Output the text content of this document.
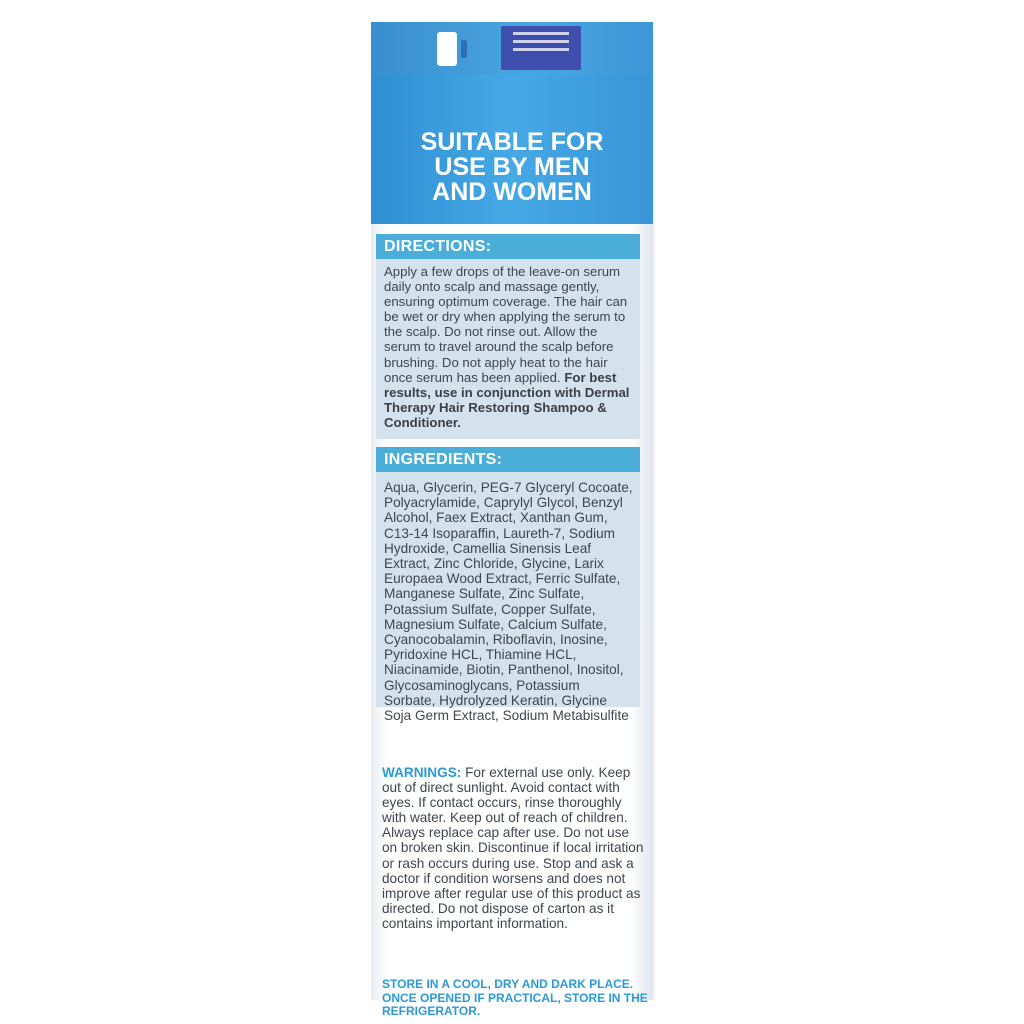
SUITABLE FOR
USE BY MEN
AND WOMEN
DIRECTIONS:
Apply a few drops of the leave-on serum daily onto scalp and massage gently, ensuring optimum coverage. The hair can be wet or dry when applying the serum to the scalp. Do not rinse out. Allow the serum to travel around the scalp before brushing. Do not apply heat to the hair once serum has been applied. For best results, use in conjunction with Dermal Therapy Hair Restoring Shampoo & Conditioner.
INGREDIENTS:
Aqua, Glycerin, PEG-7 Glyceryl Cocoate, Polyacrylamide, Caprylyl Glycol, Benzyl Alcohol, Faex Extract, Xanthan Gum, C13-14 Isoparaffin, Laureth-7, Sodium Hydroxide, Camellia Sinensis Leaf Extract, Zinc Chloride, Glycine, Larix Europaea Wood Extract, Ferric Sulfate, Manganese Sulfate, Zinc Sulfate, Potassium Sulfate, Copper Sulfate, Magnesium Sulfate, Calcium Sulfate, Cyanocobalamin, Riboflavin, Inosine, Pyridoxine HCL, Thiamine HCL, Niacinamide, Biotin, Panthenol, Inositol, Glycosaminoglycans, Potassium Sorbate, Hydrolyzed Keratin, Glycine Soja Germ Extract, Sodium Metabisulfite
WARNINGS: For external use only. Keep out of direct sunlight. Avoid contact with eyes. If contact occurs, rinse thoroughly with water. Keep out of reach of children. Always replace cap after use. Do not use on broken skin. Discontinue if local irritation or rash occurs during use. Stop and ask a doctor if condition worsens and does not improve after regular use of this product as directed. Do not dispose of carton as it contains important information.
STORE IN A COOL, DRY AND DARK PLACE. ONCE OPENED IF PRACTICAL, STORE IN THE REFRIGERATOR.
